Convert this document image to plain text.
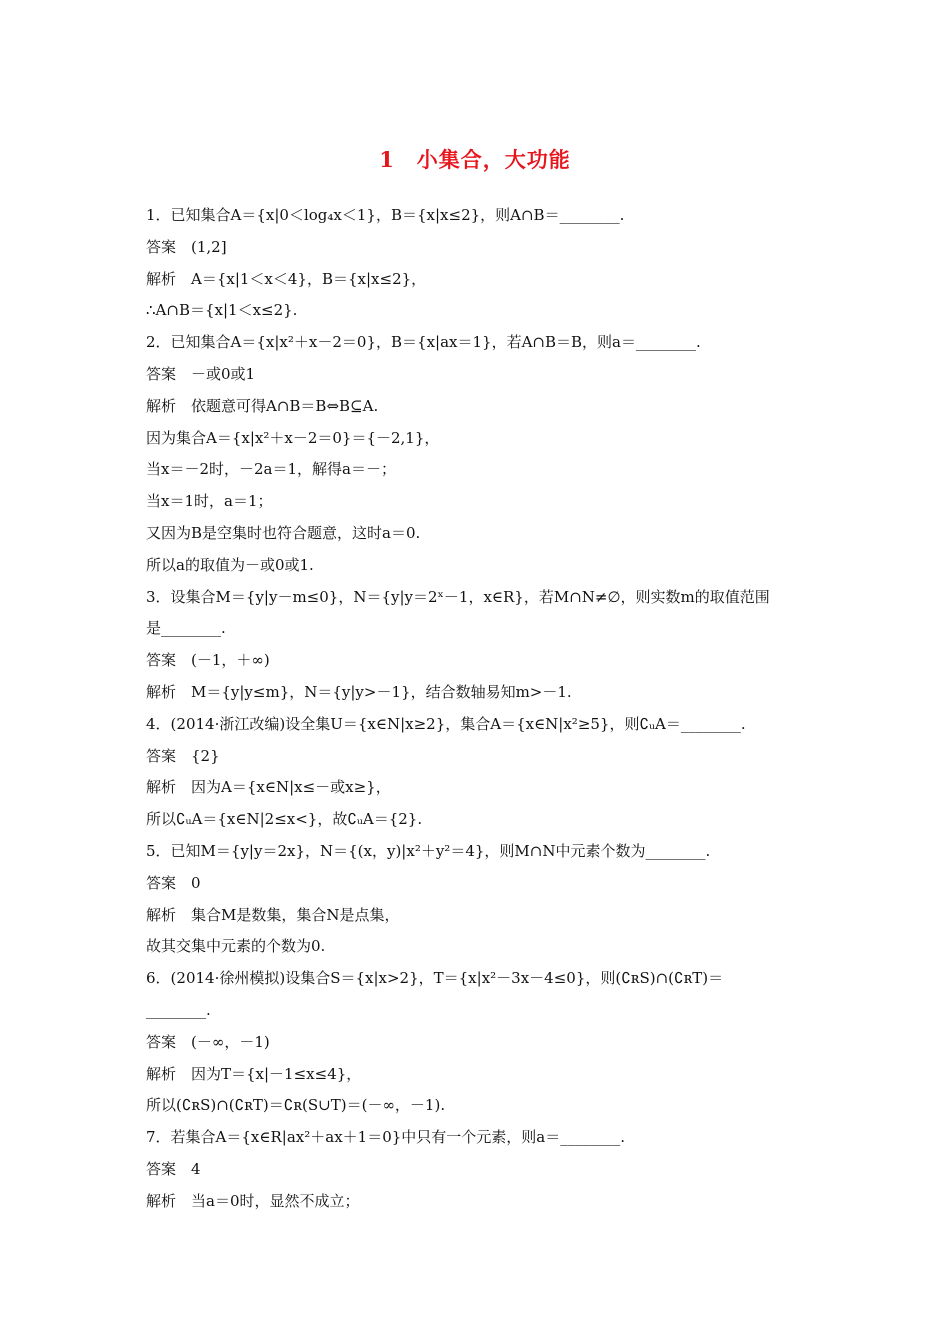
1　小集合，大功能
1．已知集合A＝{x|0＜log₄x＜1}，B＝{x|x≤2}，则A∩B＝________.
答案　(1,2]
解析　A＝{x|1＜x＜4}，B＝{x|x≤2}，
∴A∩B＝{x|1＜x≤2}.
2．已知集合A＝{x|x²＋x－2＝0}，B＝{x|ax＝1}，若A∩B＝B，则a＝________.
答案　－或0或1
解析　依题意可得A∩B＝B⇔B⊆A.
因为集合A＝{x|x²＋x－2＝0}＝{－2,1}，
当x＝－2时，－2a＝1，解得a＝－；
当x＝1时，a＝1；
又因为B是空集时也符合题意，这时a＝0.
所以a的取值为－或0或1.
3．设集合M＝{y|y－m≤0}，N＝{y|y＝2ˣ－1，x∈R}，若M∩N≠∅，则实数m的取值范围
是________.
答案　(－1，＋∞)
解析　M＝{y|y≤m}，N＝{y|y>－1}，结合数轴易知m>－1.
4．(2014·浙江改编)设全集U＝{x∈N|x≥2}，集合A＝{x∈N|x²≥5}，则∁ᵤA＝________.
答案　{2}
解析　因为A＝{x∈N|x≤－或x≥}，
所以∁ᵤA＝{x∈N|2≤x<}，故∁ᵤA＝{2}.
5．已知M＝{y|y＝2x}，N＝{(x，y)|x²＋y²＝4}，则M∩N中元素个数为________.
答案　0
解析　集合M是数集，集合N是点集，
故其交集中元素的个数为0.
6．(2014·徐州模拟)设集合S＝{x|x>2}，T＝{x|x²－3x－4≤0}，则(∁ʀS)∩(∁ʀT)＝
________.
答案　(－∞，－1)
解析　因为T＝{x|－1≤x≤4}，
所以(∁ʀS)∩(∁ʀT)＝∁ʀ(S∪T)＝(－∞，－1).
7．若集合A＝{x∈R|ax²＋ax＋1＝0}中只有一个元素，则a＝________.
答案　4
解析　当a＝0时，显然不成立；
